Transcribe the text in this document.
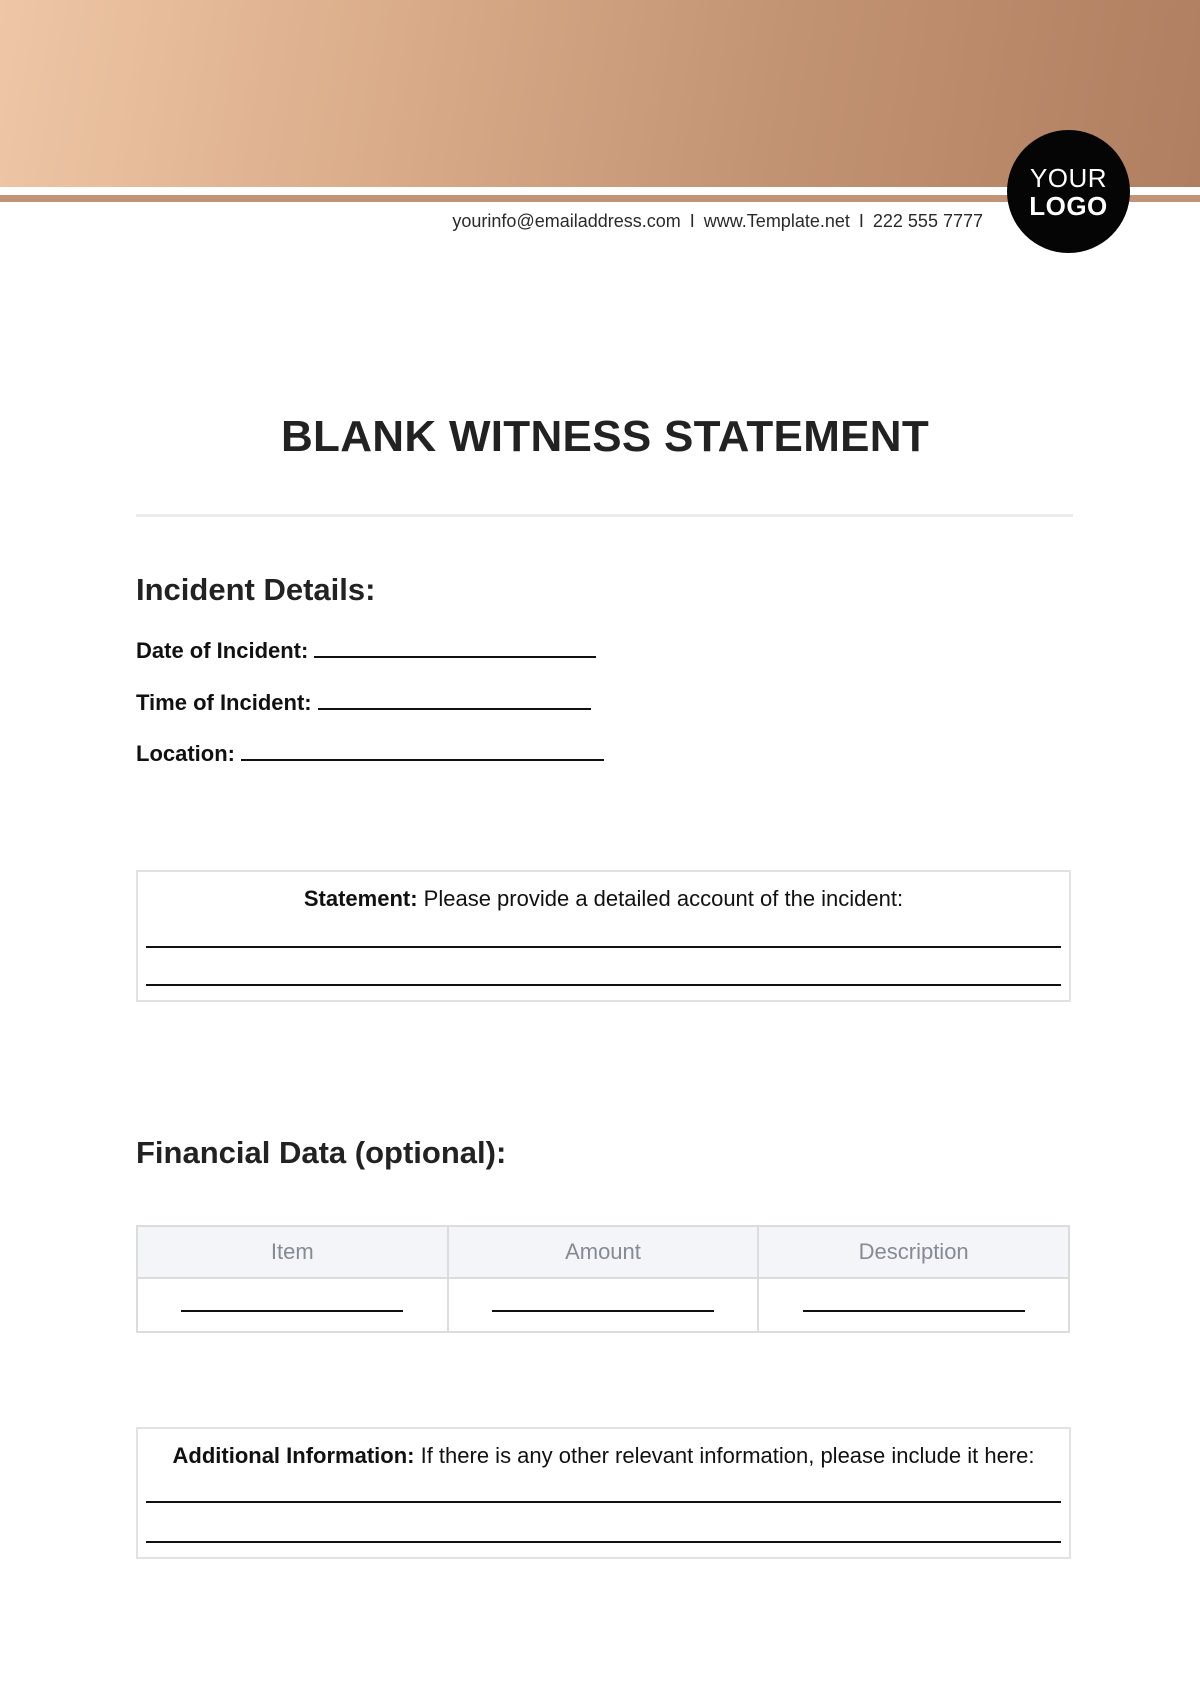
yourinfo@emailaddress.com I www.Template.net I 222 555 7777
YOUR
LOGO
BLANK WITNESS STATEMENT
Incident Details:
Date of Incident:
Time of Incident:
Location:
Statement: Please provide a detailed account of the incident:
Financial Data (optional):
Item	Amount	Description

Additional Information: If there is any other relevant information, please include it here:
